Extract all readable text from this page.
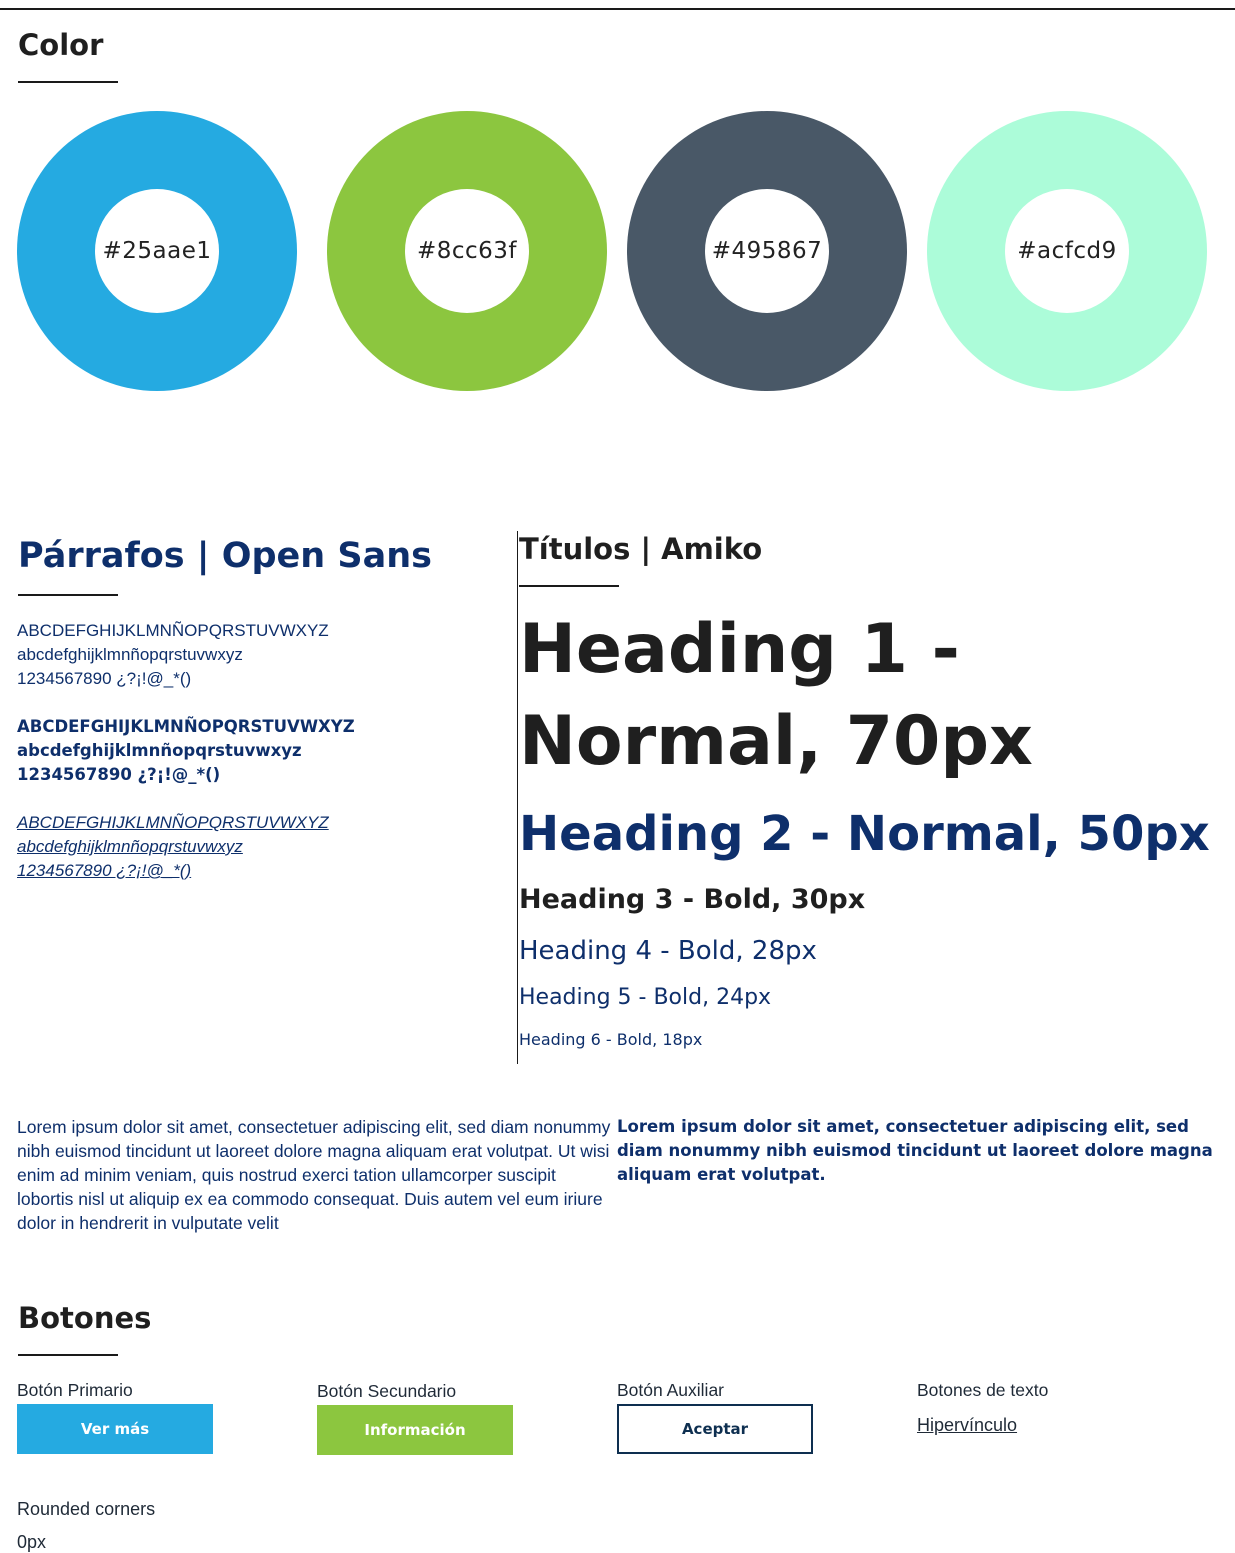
Color
#25aae1	#8cc63f	#495867	#acfcd9
Párrafos | Open Sans
ABCDEFGHIJKLMNÑOPQRSTUVWXYZ
abcdefghijklmnñopqrstuvwxyz
1234567890 ¿?¡!@_*()
ABCDEFGHIJKLMNÑOPQRSTUVWXYZ
abcdefghijklmnñopqrstuvwxyz
1234567890 ¿?¡!@_*()
ABCDEFGHIJKLMNÑOPQRSTUVWXYZ
abcdefghijklmnñopqrstuvwxyz
1234567890 ¿?¡!@_*()
Títulos | Amiko
Heading 1 - Normal, 70px
Heading 2 - Normal, 50px
Heading 3 - Bold, 30px
Heading 4 - Bold, 28px
Heading 5 - Bold, 24px
Heading 6 - Bold, 18px
Lorem ipsum dolor sit amet, consectetuer adipiscing elit, sed diam nonummy nibh euismod tincidunt ut laoreet dolore magna aliquam erat volutpat. Ut wisi enim ad minim veniam, quis nostrud exerci tation ullamcorper suscipit lobortis nisl ut aliquip ex ea commodo consequat. Duis autem vel eum iriure dolor in hendrerit in vulputate velit
Lorem ipsum dolor sit amet, consectetuer adipiscing elit, sed diam nonummy nibh euismod tincidunt ut laoreet dolore magna aliquam erat volutpat.
Botones
Botón Primario
Ver más
Botón Secundario
Información
Botón Auxiliar
Aceptar
Botones de texto
Hipervínculo
Rounded corners
0px
